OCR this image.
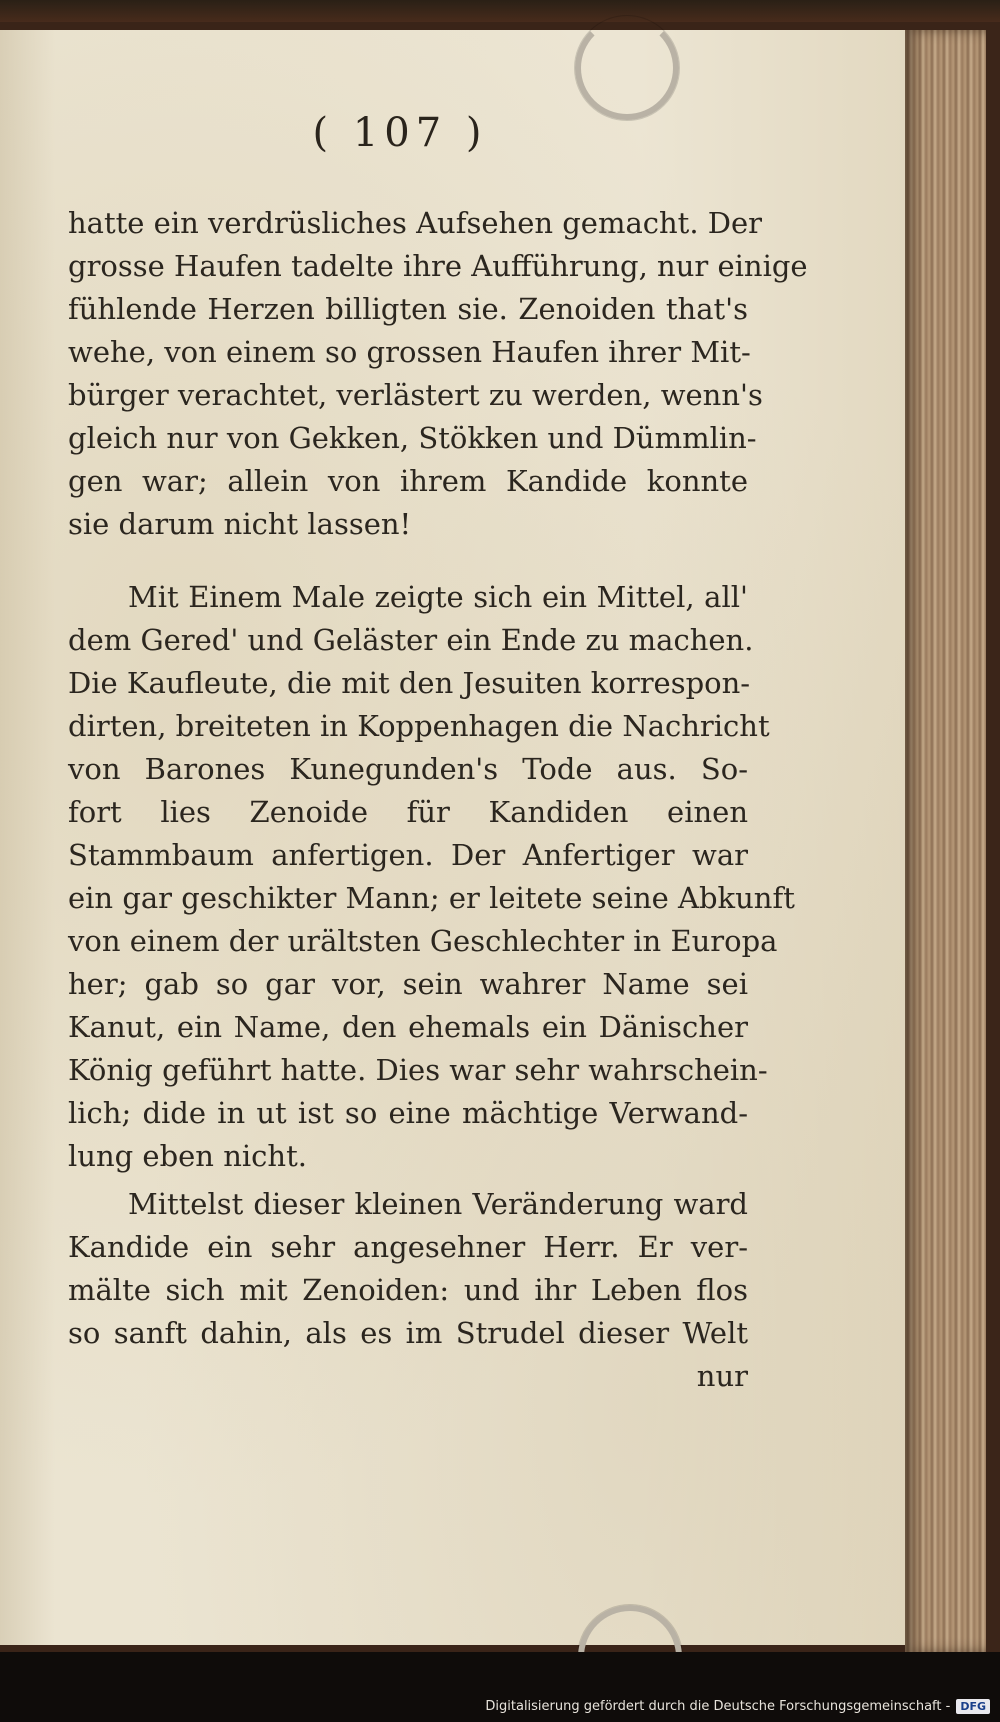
( 107 )
hatte ein verdrüsliches Aufsehen gemacht. Der
grosse Haufen tadelte ihre Aufführung, nur einige
fühlende Herzen billigten sie. Zenoiden that's
wehe, von einem so grossen Haufen ihrer Mit-
bürger verachtet, verlästert zu werden, wenn's
gleich nur von Gekken, Stökken und Dümmlin-
gen war; allein von ihrem Kandide konnte
sie darum nicht lassen!
Mit Einem Male zeigte sich ein Mittel, all'
dem Gered' und Geläster ein Ende zu machen.
Die Kaufleute, die mit den Jesuiten korrespon-
dirten, breiteten in Koppenhagen die Nachricht
von Barones Kunegunden's Tode aus. So-
fort lies Zenoide für Kandiden einen
Stammbaum anfertigen. Der Anfertiger war
ein gar geschikter Mann; er leitete seine Abkunft
von einem der urältsten Geschlechter in Europa
her; gab so gar vor, sein wahrer Name sei
Kanut, ein Name, den ehemals ein Dänischer
König geführt hatte. Dies war sehr wahrschein-
lich; dide in ut ist so eine mächtige Verwand-
lung eben nicht.
Mittelst dieser kleinen Veränderung ward
Kandide ein sehr angesehner Herr. Er ver-
mälte sich mit Zenoiden: und ihr Leben flos
so sanft dahin, als es im Strudel dieser Welt
nur
Digitalisierung gefördert durch die Deutsche Forschungsgemeinschaft - DFG
